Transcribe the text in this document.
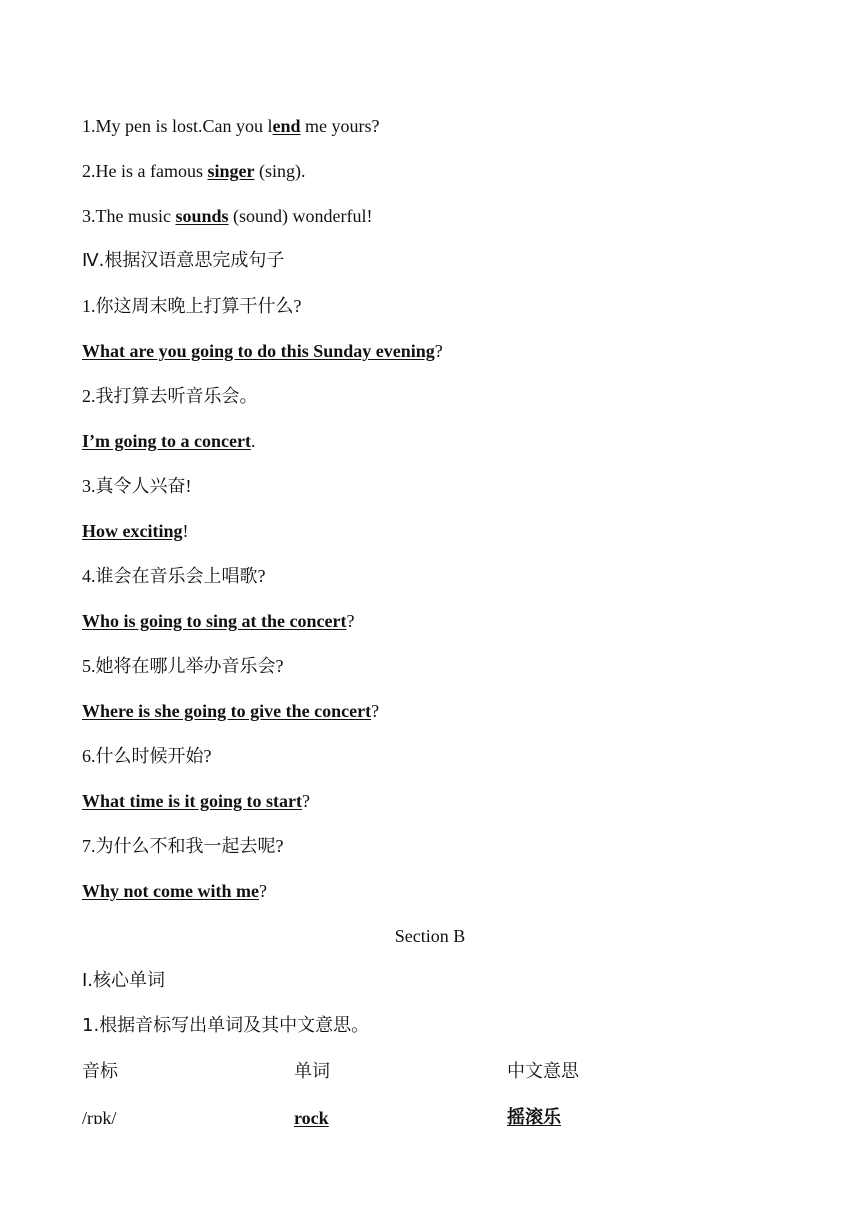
1.My pen is lost.Can you lend me yours?
2.He is a famous singer (sing).
3.The music sounds (sound) wonderful!
Ⅳ.根据汉语意思完成句子
1.你这周末晚上打算干什么?
What are you going to do this Sunday evening?
2.我打算去听音乐会。
I’m going to a concert.
3.真令人兴奋!
How exciting!
4.谁会在音乐会上唱歌?
Who is going to sing at the concert?
5.她将在哪儿举办音乐会?
Where is she going to give the concert?
6.什么时候开始?
What time is it going to start?
7.为什么不和我一起去呢?
Why not come with me?
Section B
Ⅰ.核心单词
1.根据音标写出单词及其中文意思。
音标	单词	中文意思
/rɒk/	rock	摇滚乐
